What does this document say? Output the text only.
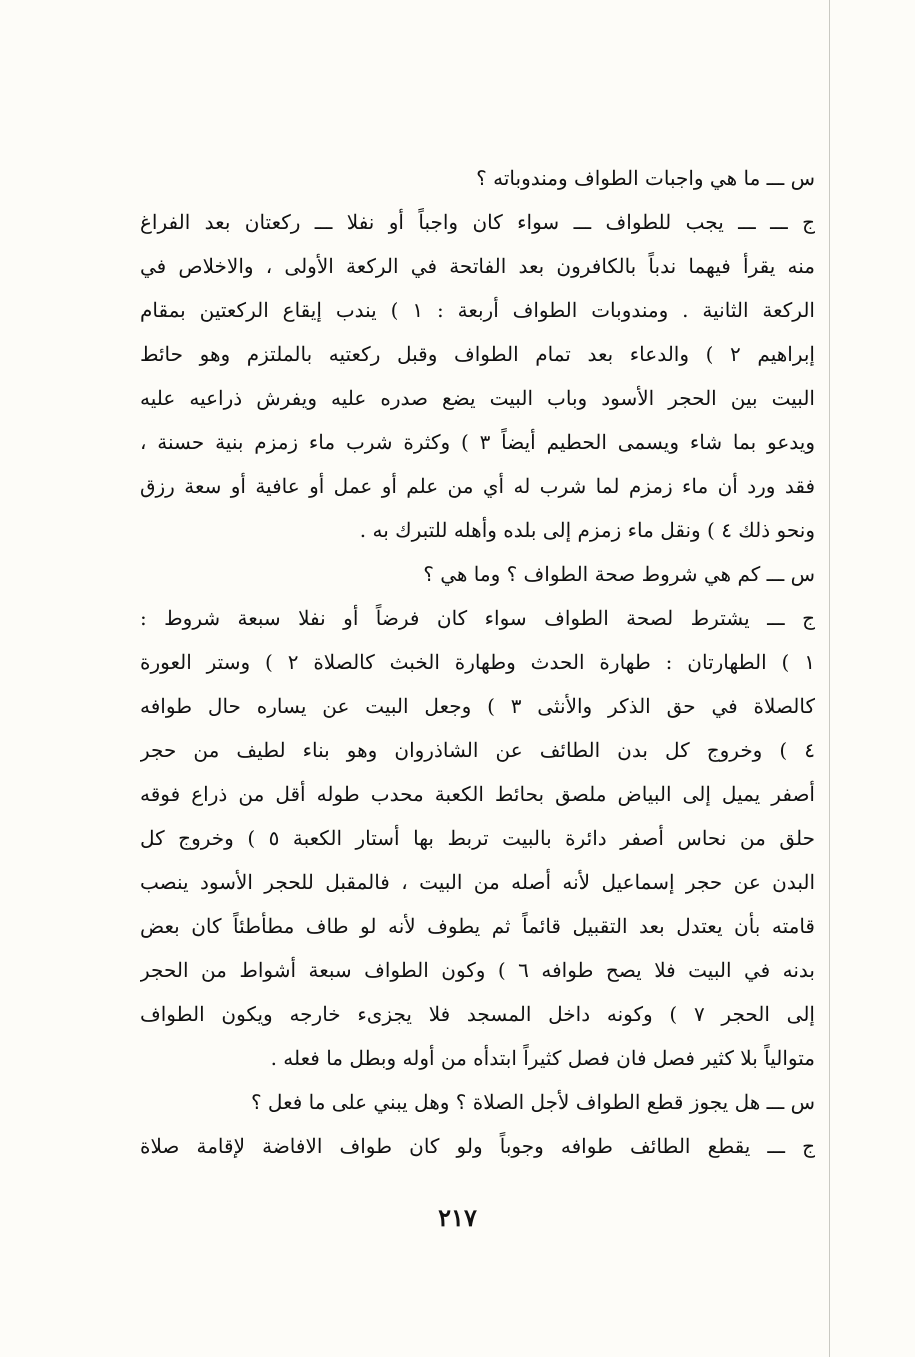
س ـــ ما هي واجبات الطواف ومندوباته ؟
ج ـــ ـــ يجب للطواف ـــ سواء كان واجباً أو نفلا ـــ ركعتان بعد الفراغ
منه يقرأ فيهما ندباً بالكافرون بعد الفاتحة في الركعة الأولى ، والاخلاص في
الركعة الثانية . ومندوبات الطواف أربعة : ١ ) يندب إيقاع الركعتين بمقام
إبراهيم ٢ ) والدعاء بعد تمام الطواف وقبل ركعتيه بالملتزم وهو حائط
البيت بين الحجر الأسود وباب البيت يضع صدره عليه ويفرش ذراعيه عليه
ويدعو بما شاء ويسمى الحطيم أيضاً ٣ ) وكثرة شرب ماء زمزم بنية حسنة ،
فقد ورد أن ماء زمزم لما شرب له أي من علم أو عمل أو عافية أو سعة رزق
ونحو ذلك ٤ ) ونقل ماء زمزم إلى بلده وأهله للتبرك به .
س ـــ كم هي شروط صحة الطواف ؟ وما هي ؟
ج ـــ يشترط لصحة الطواف سواء كان فرضاً أو نفلا سبعة شروط :
١ ) الطهارتان : طهارة الحدث وطهارة الخبث كالصلاة ٢ ) وستر العورة
كالصلاة في حق الذكر والأنثى ٣ ) وجعل البيت عن يساره حال طوافه
٤ ) وخروج كل بدن الطائف عن الشاذروان وهو بناء لطيف من حجر
أصفر يميل إلى البياض ملصق بحائط الكعبة محدب طوله أقل من ذراع فوقه
حلق من نحاس أصفر دائرة بالبيت تربط بها أستار الكعبة ٥ ) وخروج كل
البدن عن حجر إسماعيل لأنه أصله من البيت ، فالمقبل للحجر الأسود ينصب
قامته بأن يعتدل بعد التقبيل قائماً ثم يطوف لأنه لو طاف مطأطئاً كان بعض
بدنه في البيت فلا يصح طوافه ٦ ) وكون الطواف سبعة أشواط من الحجر
إلى الحجر ٧ ) وكونه داخل المسجد فلا يجزىء خارجه ويكون الطواف
متوالياً بلا كثير فصل فان فصل كثيراً ابتدأه من أوله وبطل ما فعله .
س ـــ هل يجوز قطع الطواف لأجل الصلاة ؟ وهل يبني على ما فعل ؟
ج ـــ يقطع الطائف طوافه وجوباً ولو كان طواف الافاضة لإقامة صلاة
٢١٧
